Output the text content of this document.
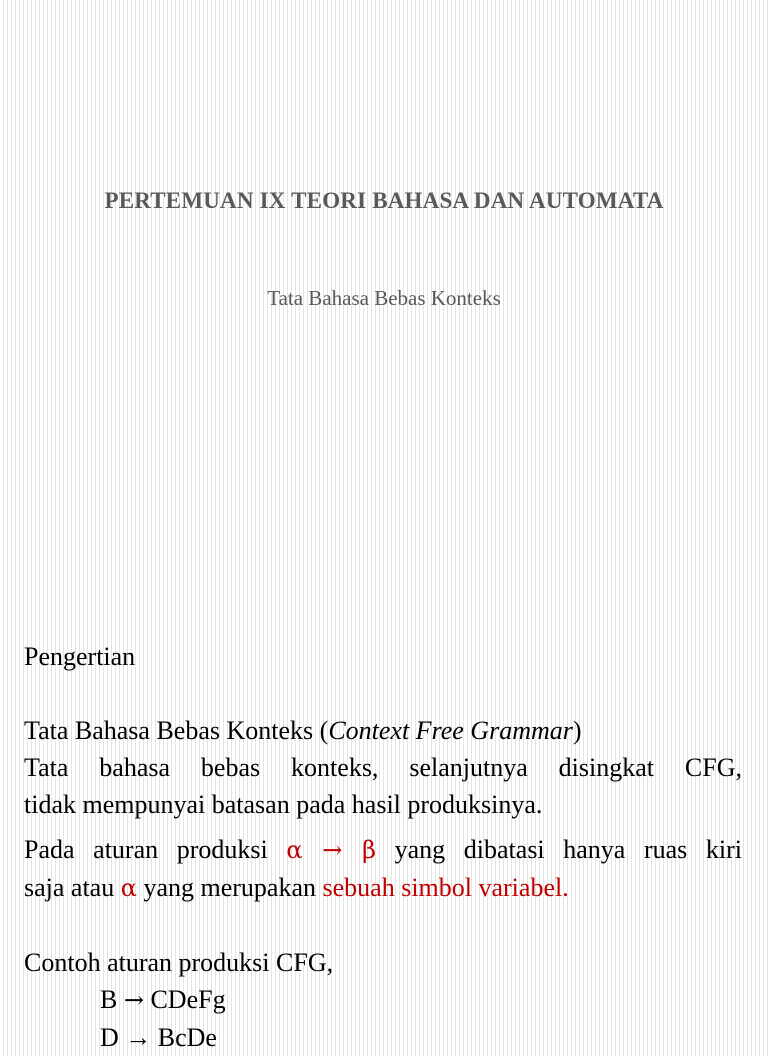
PERTEMUAN IX TEORI BAHASA DAN AUTOMATA
Tata Bahasa Bebas Konteks
Pengertian
Tata Bahasa Bebas Konteks (Context Free Grammar)
Tata bahasa bebas konteks, selanjutnya disingkat CFG,
tidak mempunyai batasan pada hasil produksinya.
Pada aturan produksi α → β yang dibatasi hanya ruas kiri
saja atau α yang merupakan sebuah simbol variabel.
Contoh aturan produksi CFG,
B → CDeFg
D → BcDe
